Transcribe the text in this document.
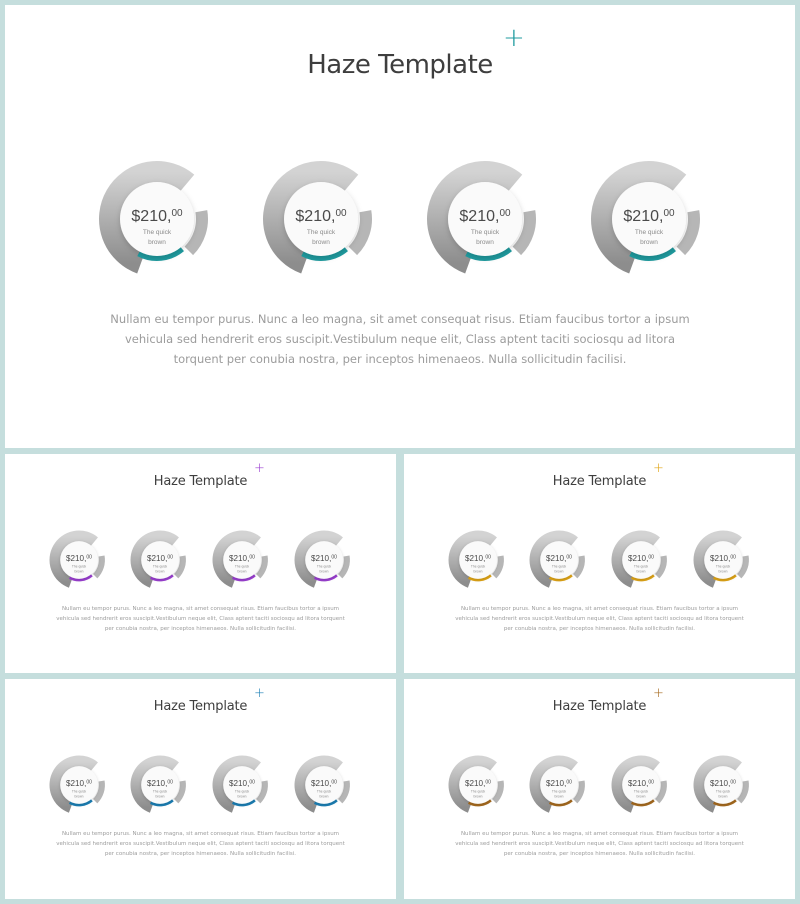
+
Haze Template
$210,00
The quick
brown
$210,00
The quick
brown
$210,00
The quick
brown
$210,00
The quick
brown

Nullam eu tempor purus. Nunc a leo magna, sit amet consequat risus. Etiam faucibus tortor a ipsum vehicula sed hendrerit eros suscipit.Vestibulum neque elit, Class aptent taciti sociosqu ad litora torquent per conubia nostra, per inceptos himenaeos. Nulla sollicitudin facilisi.

+
Haze Template
$210,00
The quick
brown
$210,00
The quick
brown
$210,00
The quick
brown
$210,00
The quick
brown

Nullam eu tempor purus. Nunc a leo magna, sit amet consequat risus. Etiam faucibus tortor a ipsum vehicula sed hendrerit eros suscipit.Vestibulum neque elit, Class aptent taciti sociosqu ad litora torquent per conubia nostra, per inceptos himenaeos. Nulla sollicitudin facilisi.

+
Haze Template
$210,00
The quick
brown
$210,00
The quick
brown
$210,00
The quick
brown
$210,00
The quick
brown

Nullam eu tempor purus. Nunc a leo magna, sit amet consequat risus. Etiam faucibus tortor a ipsum vehicula sed hendrerit eros suscipit.Vestibulum neque elit, Class aptent taciti sociosqu ad litora torquent per conubia nostra, per inceptos himenaeos. Nulla sollicitudin facilisi.

+
Haze Template
$210,00
The quick
brown
$210,00
The quick
brown
$210,00
The quick
brown
$210,00
The quick
brown

Nullam eu tempor purus. Nunc a leo magna, sit amet consequat risus. Etiam faucibus tortor a ipsum vehicula sed hendrerit eros suscipit.Vestibulum neque elit, Class aptent taciti sociosqu ad litora torquent per conubia nostra, per inceptos himenaeos. Nulla sollicitudin facilisi.

+
Haze Template
$210,00
The quick
brown
$210,00
The quick
brown
$210,00
The quick
brown
$210,00
The quick
brown

Nullam eu tempor purus. Nunc a leo magna, sit amet consequat risus. Etiam faucibus tortor a ipsum vehicula sed hendrerit eros suscipit.Vestibulum neque elit, Class aptent taciti sociosqu ad litora torquent per conubia nostra, per inceptos himenaeos. Nulla sollicitudin facilisi.
